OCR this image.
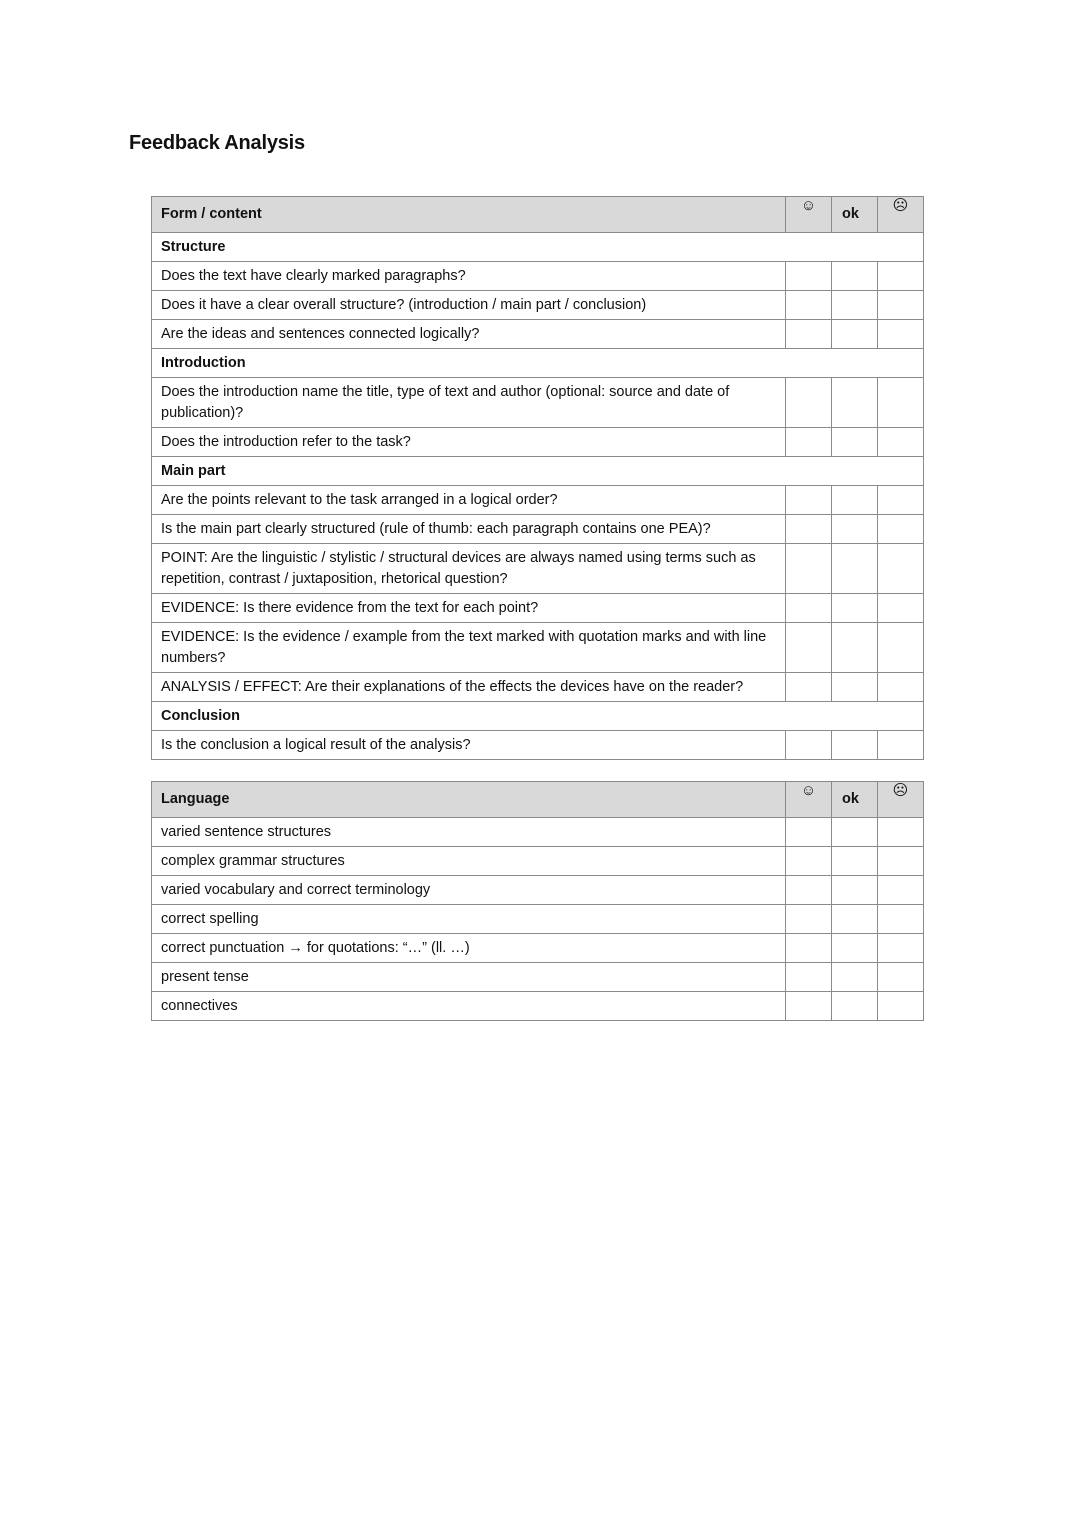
Feedback Analysis
Form / content	☺	ok	☹
Structure			
Does the text have clearly marked paragraphs?			
Does it have a clear overall structure? (introduction / main part / conclusion)			
Are the ideas and sentences connected logically?			
Introduction			
Does the introduction name the title, type of text and author (optional: source and date of publication)?			
Does the introduction refer to the task?			
Main part			
Are the points relevant to the task arranged in a logical order?			
Is the main part clearly structured (rule of thumb: each paragraph contains one PEA)?			
POINT: Are the linguistic / stylistic / structural devices are always named using terms such as repetition, contrast / juxtaposition, rhetorical question?			
EVIDENCE: Is there evidence from the text for each point?			
EVIDENCE: Is the evidence / example from the text marked with quotation marks and with line numbers?			
ANALYSIS / EFFECT: Are their explanations of the effects the devices have on the reader?			
Conclusion			
Is the conclusion a logical result of the analysis?			
Language	☺	ok	☹
varied sentence structures			
complex grammar structures			
varied vocabulary and correct terminology			
correct spelling			
correct punctuation → for quotations: “…” (ll. …)			
present tense			
connectives			
